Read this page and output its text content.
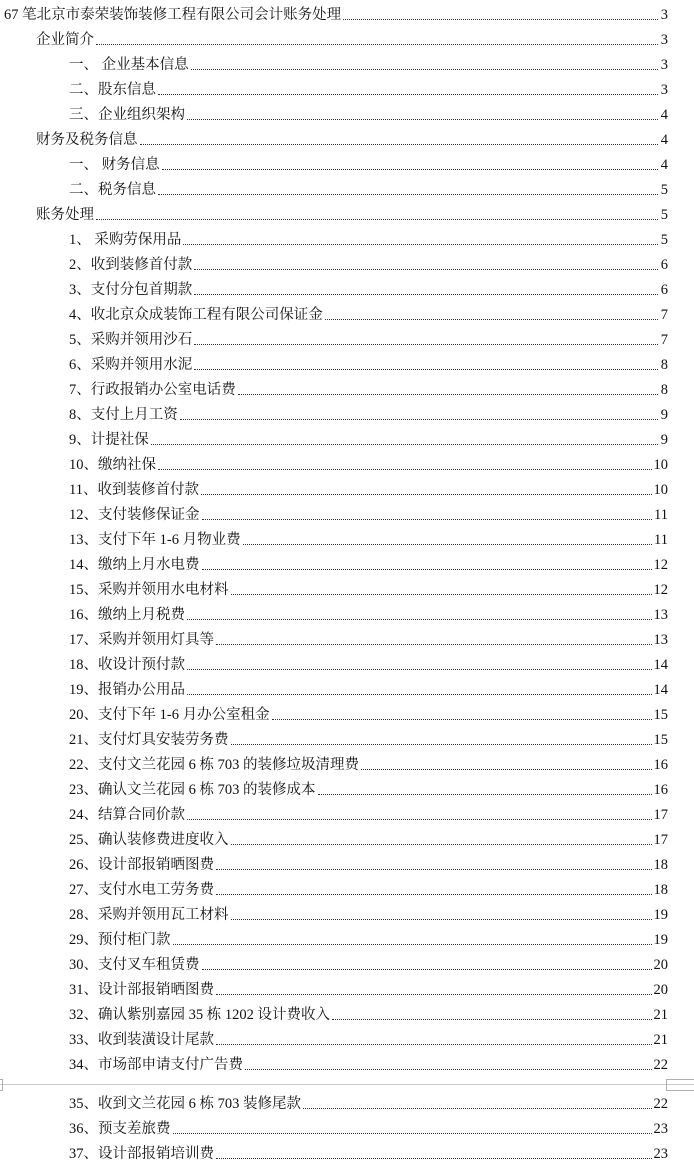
67 笔北京市泰荣装饰装修工程有限公司会计账务处理	3
企业简介	3
一、 企业基本信息	3
二、股东信息	3
三、企业组织架构	4
财务及税务信息	4
一、 财务信息	4
二、税务信息	5
账务处理	5
1、 采购劳保用品	5
2、收到装修首付款	6
3、支付分包首期款	6
4、收北京众成装饰工程有限公司保证金	7
5、采购并领用沙石	7
6、采购并领用水泥	8
7、行政报销办公室电话费	8
8、支付上月工资	9
9、计提社保	9
10、缴纳社保	10
11、收到装修首付款	10
12、支付装修保证金	11
13、支付下年 1-6 月物业费	11
14、缴纳上月水电费	12
15、采购并领用水电材料	12
16、缴纳上月税费	13
17、采购并领用灯具等	13
18、收设计预付款	14
19、报销办公用品	14
20、支付下年 1-6 月办公室租金	15
21、支付灯具安装劳务费	15
22、支付文兰花园 6 栋 703 的装修垃圾清理费	16
23、确认文兰花园 6 栋 703 的装修成本	16
24、结算合同价款	17
25、确认装修费进度收入	17
26、设计部报销晒图费	18
27、支付水电工劳务费	18
28、采购并领用瓦工材料	19
29、预付柜门款	19
30、支付叉车租赁费	20
31、设计部报销晒图费	20
32、确认紫别嘉园 35 栋 1202 设计费收入	21
33、收到装潢设计尾款	21
34、市场部申请支付广告费	22
35、收到文兰花园 6 栋 703 装修尾款	22
36、预支差旅费	23
37、设计部报销培训费	23
